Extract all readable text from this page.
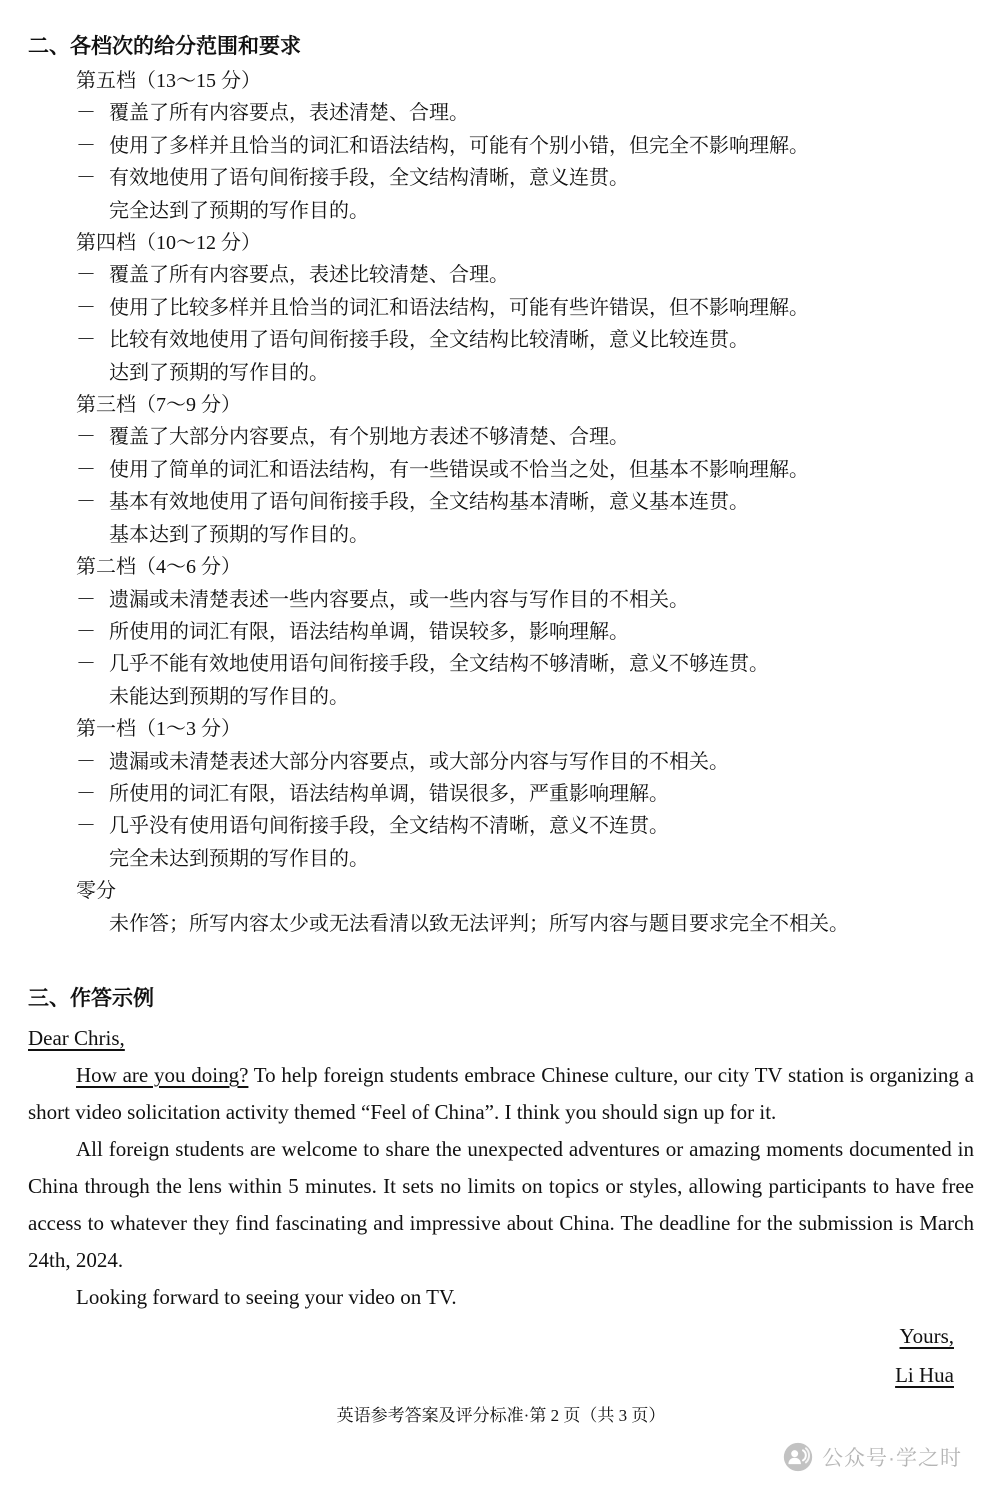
二、各档次的给分范围和要求
第五档（13～15 分）
－ 覆盖了所有内容要点，表述清楚、合理。
－ 使用了多样并且恰当的词汇和语法结构，可能有个别小错，但完全不影响理解。
－ 有效地使用了语句间衔接手段，全文结构清晰，意义连贯。
完全达到了预期的写作目的。
第四档（10～12 分）
－ 覆盖了所有内容要点，表述比较清楚、合理。
－ 使用了比较多样并且恰当的词汇和语法结构，可能有些许错误，但不影响理解。
－ 比较有效地使用了语句间衔接手段，全文结构比较清晰，意义比较连贯。
达到了预期的写作目的。
第三档（7～9 分）
－ 覆盖了大部分内容要点，有个别地方表述不够清楚、合理。
－ 使用了简单的词汇和语法结构，有一些错误或不恰当之处，但基本不影响理解。
－ 基本有效地使用了语句间衔接手段，全文结构基本清晰，意义基本连贯。
基本达到了预期的写作目的。
第二档（4～6 分）
－ 遗漏或未清楚表述一些内容要点，或一些内容与写作目的不相关。
－ 所使用的词汇有限，语法结构单调，错误较多，影响理解。
－ 几乎不能有效地使用语句间衔接手段，全文结构不够清晰，意义不够连贯。
未能达到预期的写作目的。
第一档（1～3 分）
－ 遗漏或未清楚表述大部分内容要点，或大部分内容与写作目的不相关。
－ 所使用的词汇有限，语法结构单调，错误很多，严重影响理解。
－ 几乎没有使用语句间衔接手段，全文结构不清晰，意义不连贯。
完全未达到预期的写作目的。
零分
未作答；所写内容太少或无法看清以致无法评判；所写内容与题目要求完全不相关。
三、作答示例
Dear Chris,

How are you doing? To help foreign students embrace Chinese culture, our city TV station is organizing a short video solicitation activity themed “Feel of China”. I think you should sign up for it.

All foreign students are welcome to share the unexpected adventures or amazing moments documented in China through the lens within 5 minutes. It sets no limits on topics or styles, allowing participants to have free access to whatever they find fascinating and impressive about China. The deadline for the submission is March 24th, 2024.

Looking forward to seeing your video on TV.

Yours,
Li Hua
英语参考答案及评分标准·第 2 页（共 3 页）
公众号·学之时
